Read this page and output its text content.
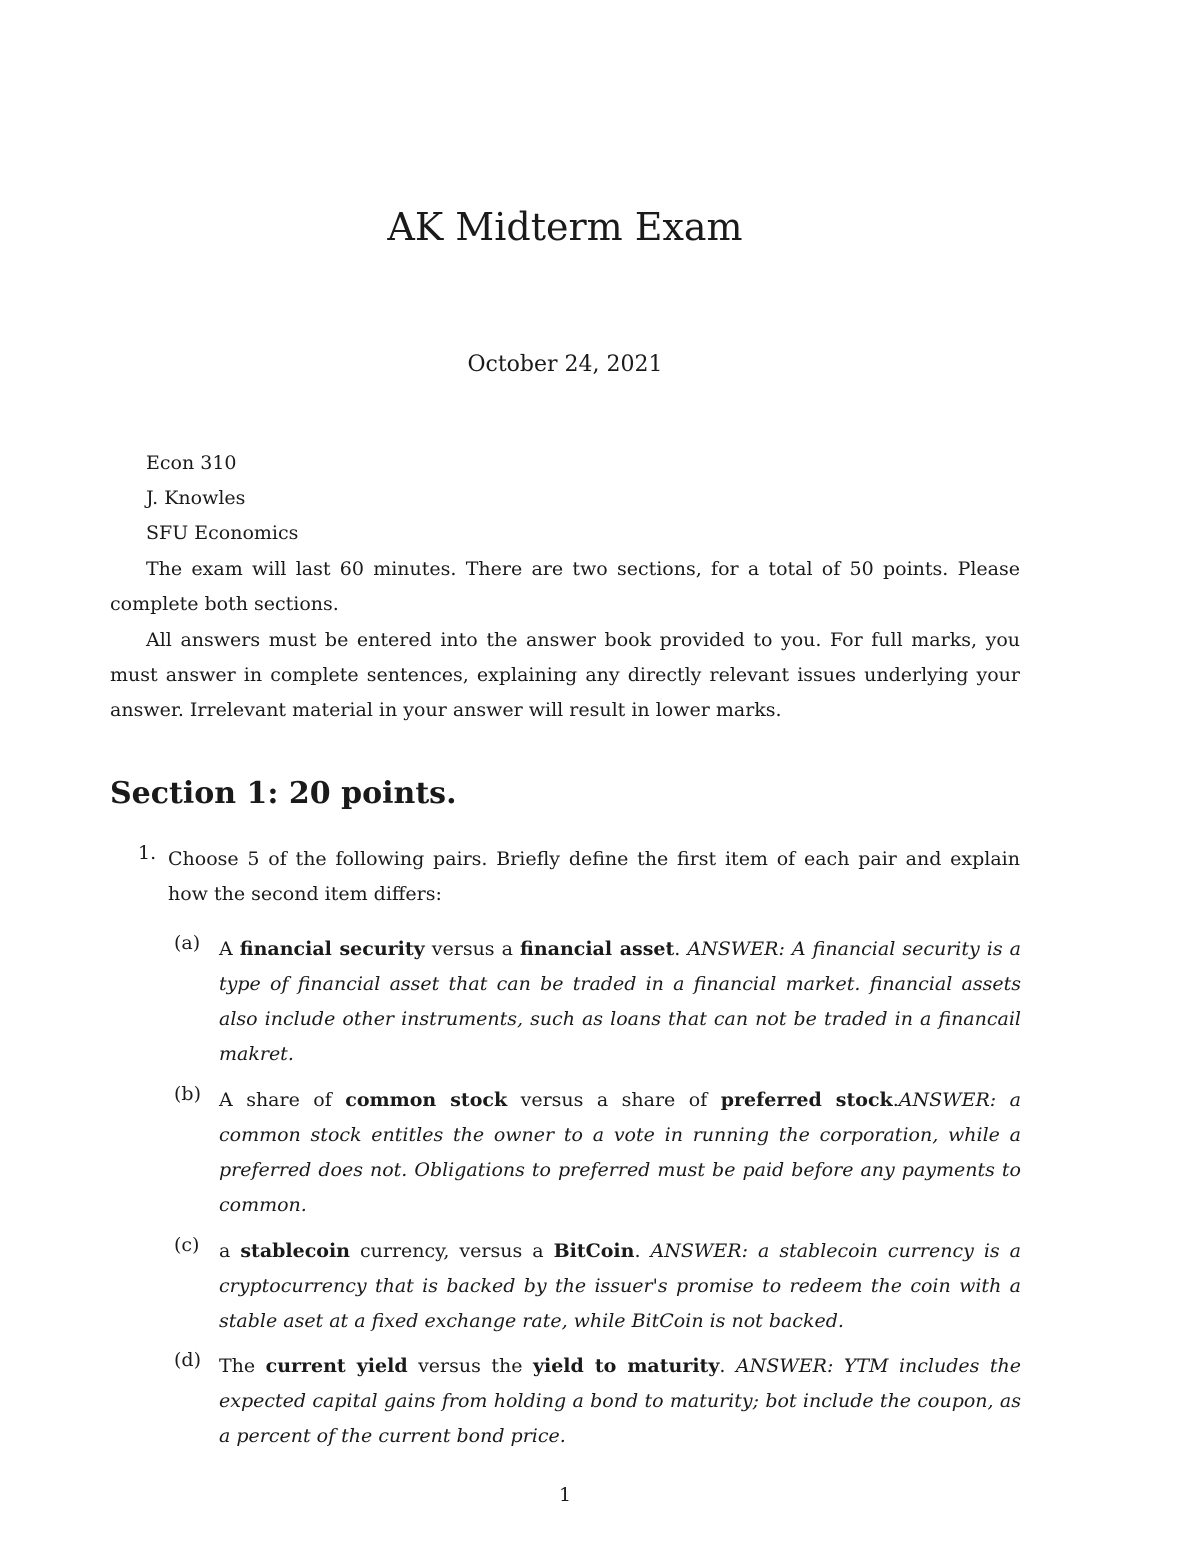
AK Midterm Exam

October 24, 2021

Econ 310

J. Knowles

SFU Economics

The exam will last 60 minutes. There are two sections, for a total of 50 points. Please complete both sections.

All answers must be entered into the answer book provided to you. For full marks, you must answer in complete sentences, explaining any directly relevant issues underlying your answer. Irrelevant material in your answer will result in lower marks.

Section 1: 20 points.
1. Choose 5 of the following pairs. Briefly define the first item of each pair and explain how the second item differs:

(a) A financial security versus a financial asset. ANSWER: A financial security is a type of financial asset that can be traded in a financial market. financial assets also include other instruments, such as loans that can not be traded in a financail makret.

(b) A share of common stock versus a share of preferred stock.ANSWER: a common stock entitles the owner to a vote in running the corporation, while a preferred does not. Obligations to preferred must be paid before any payments to common.

(c) a stablecoin currency, versus a BitCoin. ANSWER: a stablecoin currency is a cryptocurrency that is backed by the issuer's promise to redeem the coin with a stable aset at a fixed exchange rate, while BitCoin is not backed.

(d) The current yield versus the yield to maturity. ANSWER: YTM includes the expected capital gains from holding a bond to maturity; bot include the coupon, as a percent of the current bond price.

1
